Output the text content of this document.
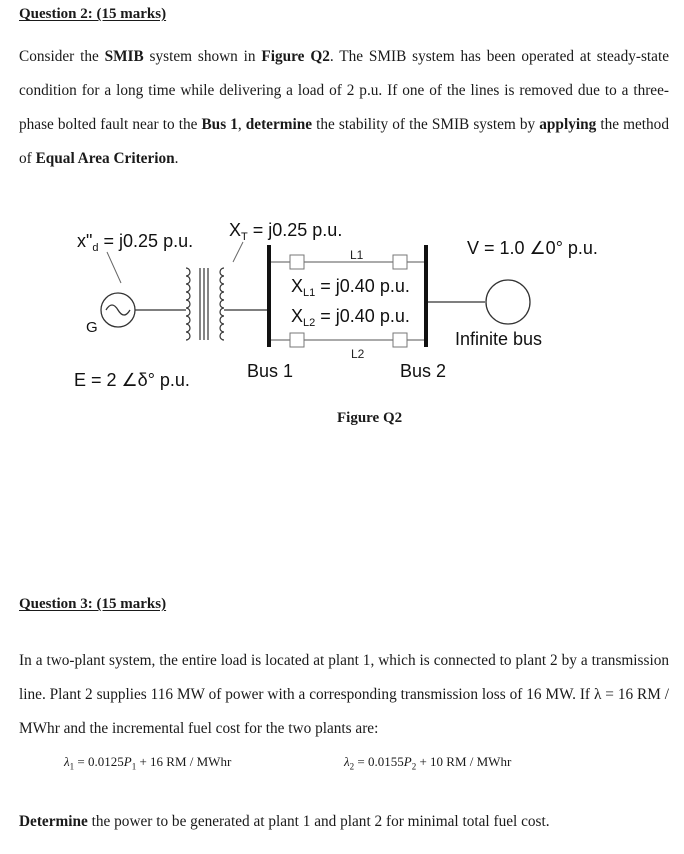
Question 2: (15 marks)
Consider the SMIB system shown in Figure Q2. The SMIB system has been operated at steady-state condition for a long time while delivering a load of 2 p.u. If one of the lines is removed due to a three-phase bolted fault near to the Bus 1, determine the stability of the SMIB system by applying the method of Equal Area Criterion.
$x"_d = j0.25$ p.u.
$X_T = j0.25$ p.u.
G
L1
L2
$X_{L1} = j0.40$ p.u.
$X_{L2} = j0.40$ p.u.
V = 1.0 ∠0° p.u.
Infinite bus
E = 2 ∠δ° p.u.	Bus 1	Bus 2
Figure Q2
Question 3: (15 marks)
In a two-plant system, the entire load is located at plant 1, which is connected to plant 2 by a transmission line. Plant 2 supplies 116 MW of power with a corresponding transmission loss of 16 MW. If λ = 16 RM / MWhr and the incremental fuel cost for the two plants are:
$\lambda_1 = 0.0125P_1 + 16$ RM / MWhr	$\lambda_2 = 0.0155P_2 + 10$ RM / MWhr
Determine the power to be generated at plant 1 and plant 2 for minimal total fuel cost.
